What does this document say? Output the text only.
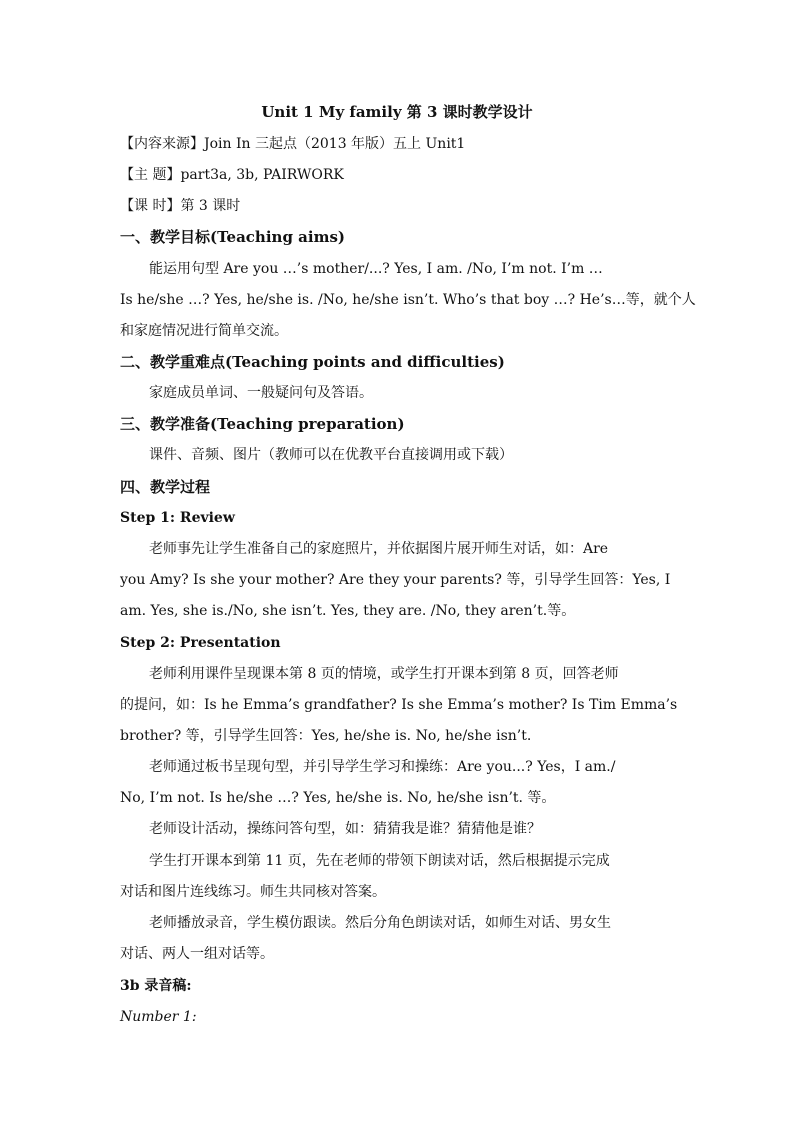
Unit 1 My family 第 3 课时教学设计
【内容来源】Join In 三起点（2013 年版）五上 Unit1
【主 题】part3a, 3b, PAIRWORK
【课 时】第 3 课时
一、教学目标(Teaching aims)
能运用句型 Are you …’s mother/...? Yes, I am. /No, I’m not. I’m …
Is he/she …? Yes, he/she is. /No, he/she isn’t. Who’s that boy …? He’s…等，就个人
和家庭情况进行简单交流。
二、教学重难点(Teaching points and difficulties)
家庭成员单词、一般疑问句及答语。
三、教学准备(Teaching preparation)
课件、音频、图片（教师可以在优教平台直接调用或下载）
四、教学过程
Step 1: Review
老师事先让学生准备自己的家庭照片，并依据图片展开师生对话，如：Are
you Amy? Is she your mother? Are they your parents? 等，引导学生回答：Yes, I
am. Yes, she is./No, she isn’t. Yes, they are. /No, they aren’t.等。
Step 2: Presentation
老师利用课件呈现课本第 8 页的情境，或学生打开课本到第 8 页，回答老师
的提问，如：Is he Emma’s grandfather? Is she Emma’s mother? Is Tim Emma’s
brother? 等，引导学生回答：Yes, he/she is. No, he/she isn’t.
老师通过板书呈现句型，并引导学生学习和操练：Are you...? Yes，I am./
No, I’m not. Is he/she …? Yes, he/she is. No, he/she isn’t. 等。
老师设计活动，操练问答句型，如：猜猜我是谁？猜猜他是谁？
学生打开课本到第 11 页，先在老师的带领下朗读对话，然后根据提示完成
对话和图片连线练习。师生共同核对答案。
老师播放录音，学生模仿跟读。然后分角色朗读对话，如师生对话、男女生
对话、两人一组对话等。
3b 录音稿:
Number 1:
